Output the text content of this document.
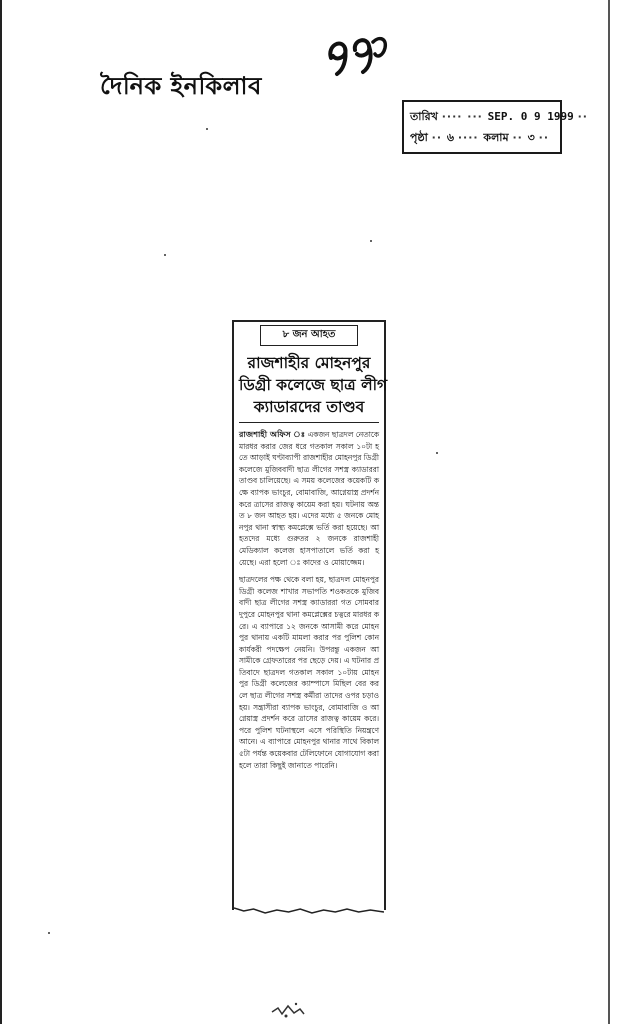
দৈনিক ইনকিলাব
তারিখ ···· ··· SEP. 0 9 1999 ··
পৃষ্ঠা ·· ৬ ···· কলাম ·· ৩ ··
৮ জন আহত
রাজশাহীর মোহনপুর
ডিগ্রী কলেজে ছাত্র লীগ
ক্যাডারদের তাণ্ডব

রাজশাহী অফিস ঃ একজন ছাত্রদল নেতাকে মারধর করার জের ধরে গতকাল সকাল ১০টা হতে আড়াই ঘণ্টাব্যাপী রাজশাহীর মোহনপুর ডিগ্রী কলেজে মুজিববাদী ছাত্র লীগের সশস্ত্র ক্যাডাররা তাণ্ডব চালিয়েছে। এ সময় কলেজের কয়েকটি কক্ষে ব্যাপক ভাংচুর, বোমাবাজি, আগ্নেয়াস্ত্র প্রদর্শন করে ত্রাসের রাজত্ব কায়েম করা হয়। ঘটনায় অন্তত ৮ জন আহত হয়। এদের মধ্যে ৫ জনকে মোহনপুর থানা স্বাস্থ্য কমপ্লেক্সে ভর্তি করা হয়েছে। আহতদের মধ্যে গুরুতর ২ জনকে রাজশাহী মেডিক্যাল কলেজ হাসপাতালে ভর্তি করা হয়েছে। এরা হলো ঃ কাদের ও মোয়াজ্জেম।

ছাত্রদলের পক্ষ থেকে বলা হয়, ছাত্রদল মোহনপুর ডিগ্রী কলেজ শাখার সভাপতি শওকতকে মুজিববাদী ছাত্র লীগের সশস্ত্র ক্যাডাররা গত সোমবার দুপুরে মোহনপুর থানা কমপ্লেক্সের চত্বরে মারধর করে। এ ব্যাপারে ১২ জনকে আসামী করে মোহনপুর থানায় একটি মামলা করার পর পুলিশ কোন কার্যকরী পদক্ষেপ নেয়নি। উপরন্তু একজন আসামীকে গ্রেফতারের পর ছেড়ে দেয়। এ ঘটনার প্রতিবাদে ছাত্রদল গতকাল সকাল ১০টায় মোহনপুর ডিগ্রী কলেজের ক্যাম্পাসে মিছিল বের করলে ছাত্র লীগের সশস্ত্র কর্মীরা তাদের ওপর চড়াও হয়। সন্ত্রাসীরা ব্যাপক ভাংচুর, বোমাবাজি ও আগ্নেয়াস্ত্র প্রদর্শন করে ত্রাসের রাজত্ব কায়েম করে। পরে পুলিশ ঘটনাস্থলে এসে পরিস্থিতি নিয়ন্ত্রণে আনে। এ ব্যাপারে মোহনপুর থানার সাথে বিকাল ৫টা পর্যন্ত কয়েকবার টেলিফোনে যোগাযোগ করা হলে তারা কিছুই জানাতে পারেনি।
